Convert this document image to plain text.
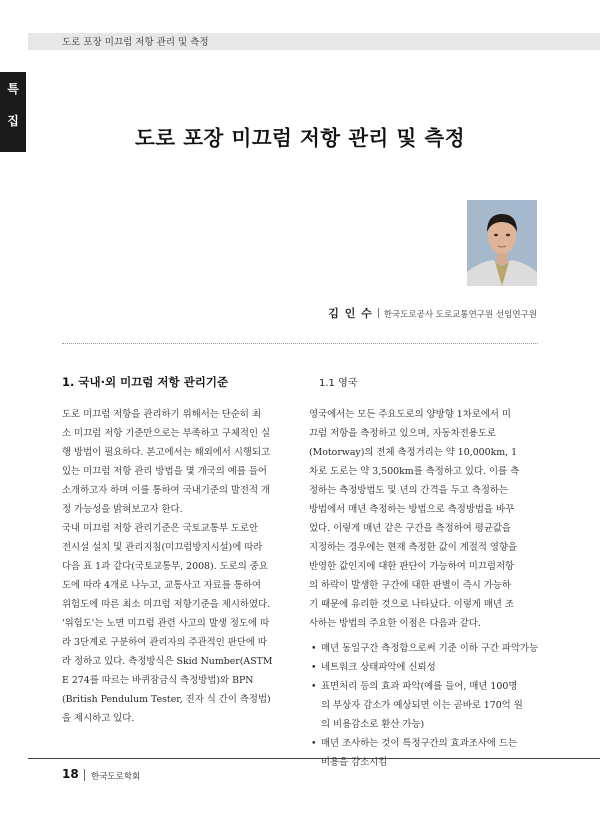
도로 포장 미끄럼 저항 관리 및 측정
특
집
도로 포장 미끄럼 저항 관리 및 측정
김 인 수 한국도로공사 도로교통연구원 선임연구원
1. 국내·외 미끄럼 저항 관리기준	1.1 영국

도로 미끄럼 저항을 관리하기 위해서는 단순히 최

소 미끄럼 저항 기준만으로는 부족하고 구체적인 실

행 방법이 필요하다. 본고에서는 해외에서 시행되고

있는 미끄럼 저항 관리 방법을 몇 개국의 예를 들어

소개하고자 하며 이를 통하여 국내기준의 발전적 개

정 가능성을 밝혀보고자 한다.

국내 미끄럼 저항 관리기준은 국토교통부 도로안

전시설 설치 및 관리지침(미끄럼방지시설)에 따라

다음 표 1과 같다(국토교통부, 2008). 도로의 중요

도에 따라 4개로 나누고, 교통사고 자료를 통하여

위험도에 따른 최소 미끄럼 저항기준을 제시하였다.

'위험도'는 노면 미끄럼 관련 사고의 발생 정도에 따

라 3단계로 구분하여 관리자의 주관적인 판단에 따

라 정하고 있다. 측정방식은 Skid Number(ASTM

E 274를 따르는 바퀴잠금식 측정방법)와 BPN

(British Pendulum Tester, 진자 식 간이 측정법)

을 제시하고 있다.

영국에서는 모든 주요도로의 양방향 1차로에서 미

끄럼 저항을 측정하고 있으며, 자동차전용도로

(Motorway)의 전체 측정거리는 약 10,000km, 1

차로 도로는 약 3,500km를 측정하고 있다. 이를 측

정하는 측정방법도 및 년의 간격을 두고 측정하는

방법에서 매년 측정하는 방법으로 측정방법을 바꾸

었다. 이렇게 매년 같은 구간을 측정하여 평균값을

지정하는 경우에는 현재 측정한 값이 계절적 영향을

반영한 값인지에 대한 판단이 가능하여 미끄럼저항

의 하락이 발생한 구간에 대한 판별이 즉시 가능하

기 때문에 유리한 것으로 나타났다. 이렇게 매년 조

사하는 방법의 주요한 이점은 다음과 같다.

• 매년 동일구간 측정함으로써 기준 이하 구간 파악가능

• 네트워크 상태파악에 신뢰성

• 표면처리 등의 효과 파악(예를 들어, 매년 100명

의 부상자 감소가 예상되면 이는 곧바로 170억 원

의 비용감소로 환산 가능)

• 매년 조사하는 것이 특정구간의 효과조사에 드는

비용을 감소시킴

18 한국도로학회
